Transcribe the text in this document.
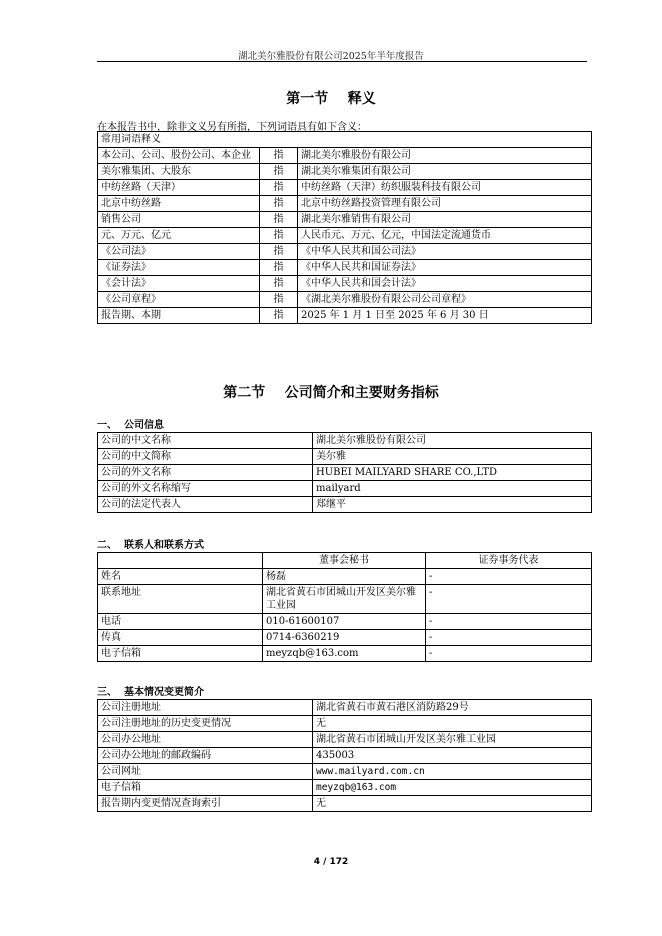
湖北美尔雅股份有限公司2025年半年度报告
第一节    释义
在本报告书中，除非文义另有所指，下列词语具有如下含义：
常用词语释义		
本公司、公司、股份公司、本企业	指	湖北美尔雅股份有限公司
美尔雅集团、大股东	指	湖北美尔雅集团有限公司
中纺丝路（天津）	指	中纺丝路（天津）纺织服装科技有限公司
北京中纺丝路	指	北京中纺丝路投资管理有限公司
销售公司	指	湖北美尔雅销售有限公司
元、万元、亿元	指	人民币元、万元、亿元，中国法定流通货币
《公司法》	指	《中华人民共和国公司法》
《证券法》	指	《中华人民共和国证券法》
《会计法》	指	《中华人民共和国会计法》
《公司章程》	指	《湖北美尔雅股份有限公司公司章程》
报告期、本期	指	2025 年 1 月 1 日至 2025 年 6 月 30 日
第二节    公司简介和主要财务指标
一、  公司信息
公司的中文名称	湖北美尔雅股份有限公司
公司的中文简称	美尔雅
公司的外文名称	HUBEI MAILYARD SHARE CO.,LTD
公司的外文名称缩写	mailyard
公司的法定代表人	郑继平
二、  联系人和联系方式
	董事会秘书	证券事务代表
姓名	杨磊	-
联系地址	湖北省黄石市团城山开发区美尔雅工业园	-
电话	010-61600107	-
传真	0714-6360219	-
电子信箱	meyzqb@163.com	-
三、  基本情况变更简介
公司注册地址	湖北省黄石市黄石港区消防路29号
公司注册地址的历史变更情况	无
公司办公地址	湖北省黄石市团城山开发区美尔雅工业园
公司办公地址的邮政编码	435003
公司网址	www.mailyard.com.cn
电子信箱	meyzqb@163.com
报告期内变更情况查询索引	无
4 / 172
